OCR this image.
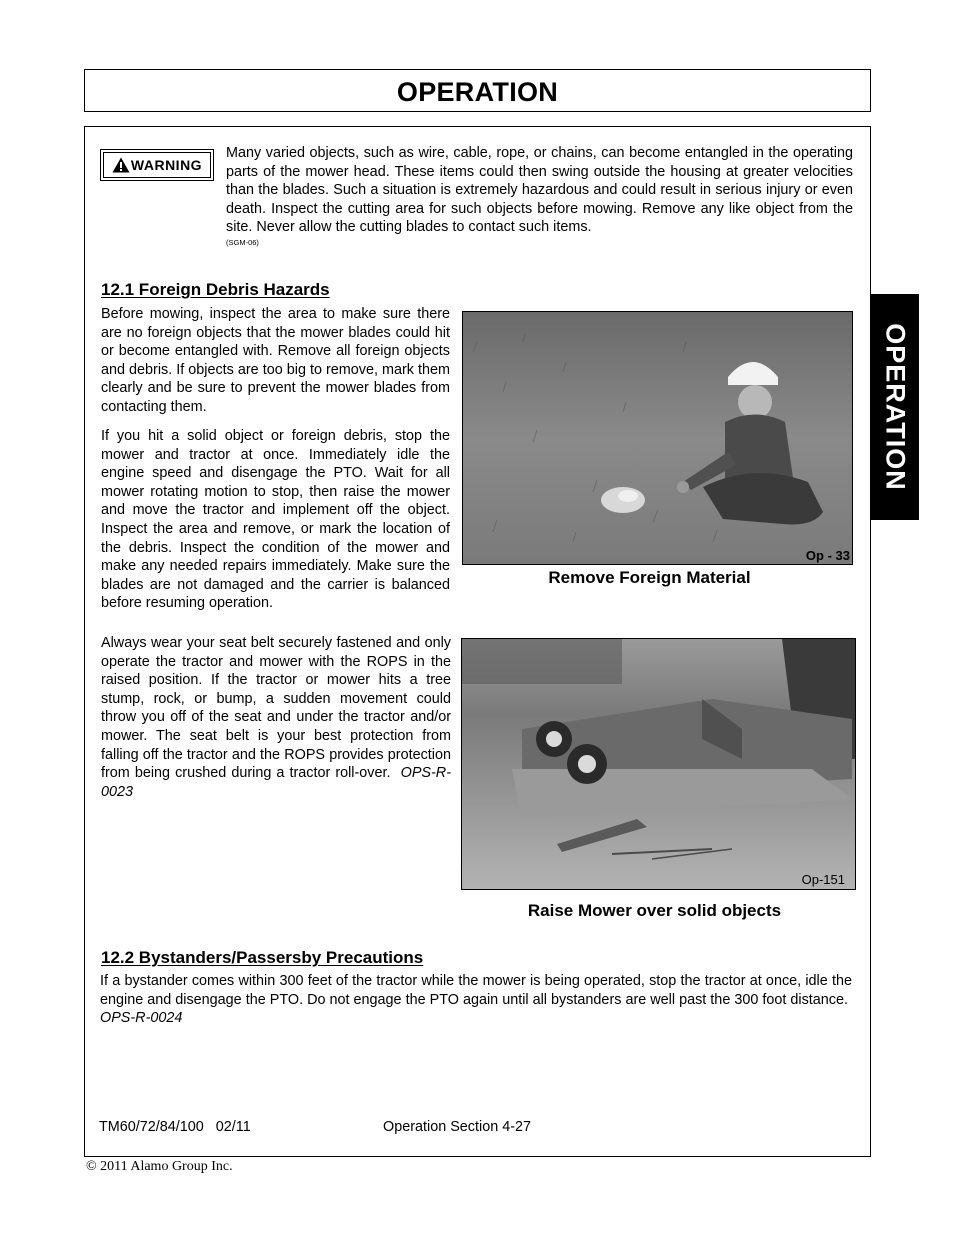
OPERATION
OPERATION
WARNING
Many varied objects, such as wire, cable, rope, or chains, can become entangled in the operating parts of the mower head. These items could then swing outside the housing at greater velocities than the blades. Such a situation is extremely hazardous and could result in serious injury or even death. Inspect the cutting area for such objects before mowing. Remove any like object from the site. Never allow the cutting blades to contact such items.
(SGM-06)
12.1 Foreign Debris Hazards
Before mowing, inspect the area to make sure there are no foreign objects that the mower blades could hit or become entangled with. Remove all foreign objects and debris. If objects are too big to remove, mark them clearly and be sure to prevent the mower blades from contacting them.
If you hit a solid object or foreign debris, stop the mower and tractor at once. Immediately idle the engine speed and disengage the PTO. Wait for all mower rotating motion to stop, then raise the mower and move the tractor and implement off the object. Inspect the area and remove, or mark the location of the debris. Inspect the condition of the mower and make any needed repairs immediately. Make sure the blades are not damaged and the carrier is balanced before resuming operation.
Always wear your seat belt securely fastened and only operate the tractor and mower with the ROPS in the raised position. If the tractor or mower hits a tree stump, rock, or bump, a sudden movement could throw you off of the seat and under the tractor and/or mower. The seat belt is your best protection from falling off the tractor and the ROPS provides protection from being crushed during a tractor roll-over. OPS-R-0023
Op - 33
Remove Foreign Material
Op-151
Raise Mower over solid objects
12.2 Bystanders/Passersby Precautions
If a bystander comes within 300 feet of the tractor while the mower is being operated, stop the tractor at once, idle the engine and disengage the PTO. Do not engage the PTO again until all bystanders are well past the 300 foot distance.  OPS-R-0024
TM60/72/84/100   02/11	Operation Section 4-27
© 2011 Alamo Group Inc.
